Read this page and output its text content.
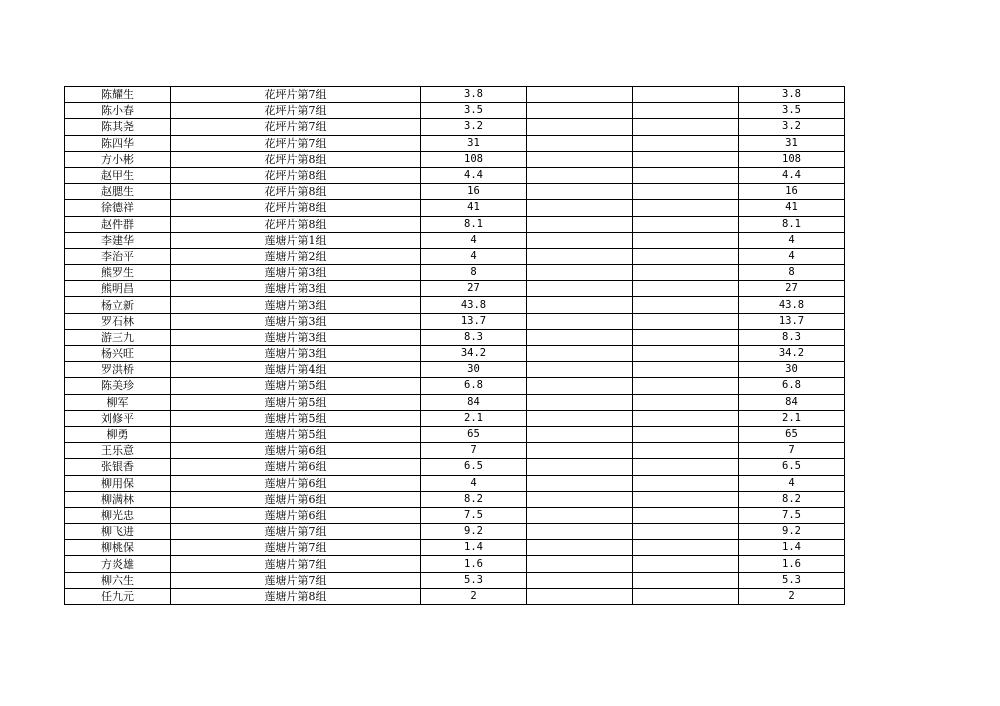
陈耀生	花坪片第7组	3.8			3.8
陈小春	花坪片第7组	3.5			3.5
陈其尧	花坪片第7组	3.2			3.2
陈四华	花坪片第7组	31			31
方小彬	花坪片第8组	108			108
赵甲生	花坪片第8组	4.4			4.4
赵腮生	花坪片第8组	16			16
徐德祥	花坪片第8组	41			41
赵件群	花坪片第8组	8.1			8.1
李建华	莲塘片第1组	4			4
李治平	莲塘片第2组	4			4
熊罗生	莲塘片第3组	8			8
熊明昌	莲塘片第3组	27			27
杨立新	莲塘片第3组	43.8			43.8
罗石林	莲塘片第3组	13.7			13.7
游三九	莲塘片第3组	8.3			8.3
杨兴旺	莲塘片第3组	34.2			34.2
罗洪桥	莲塘片第4组	30			30
陈美珍	莲塘片第5组	6.8			6.8
柳军	莲塘片第5组	84			84
刘修平	莲塘片第5组	2.1			2.1
柳勇	莲塘片第5组	65			65
王乐意	莲塘片第6组	7			7
张银香	莲塘片第6组	6.5			6.5
柳用保	莲塘片第6组	4			4
柳满林	莲塘片第6组	8.2			8.2
柳光忠	莲塘片第6组	7.5			7.5
柳飞进	莲塘片第7组	9.2			9.2
柳桃保	莲塘片第7组	1.4			1.4
方炎雄	莲塘片第7组	1.6			1.6
柳六生	莲塘片第7组	5.3			5.3
任九元	莲塘片第8组	2			2
